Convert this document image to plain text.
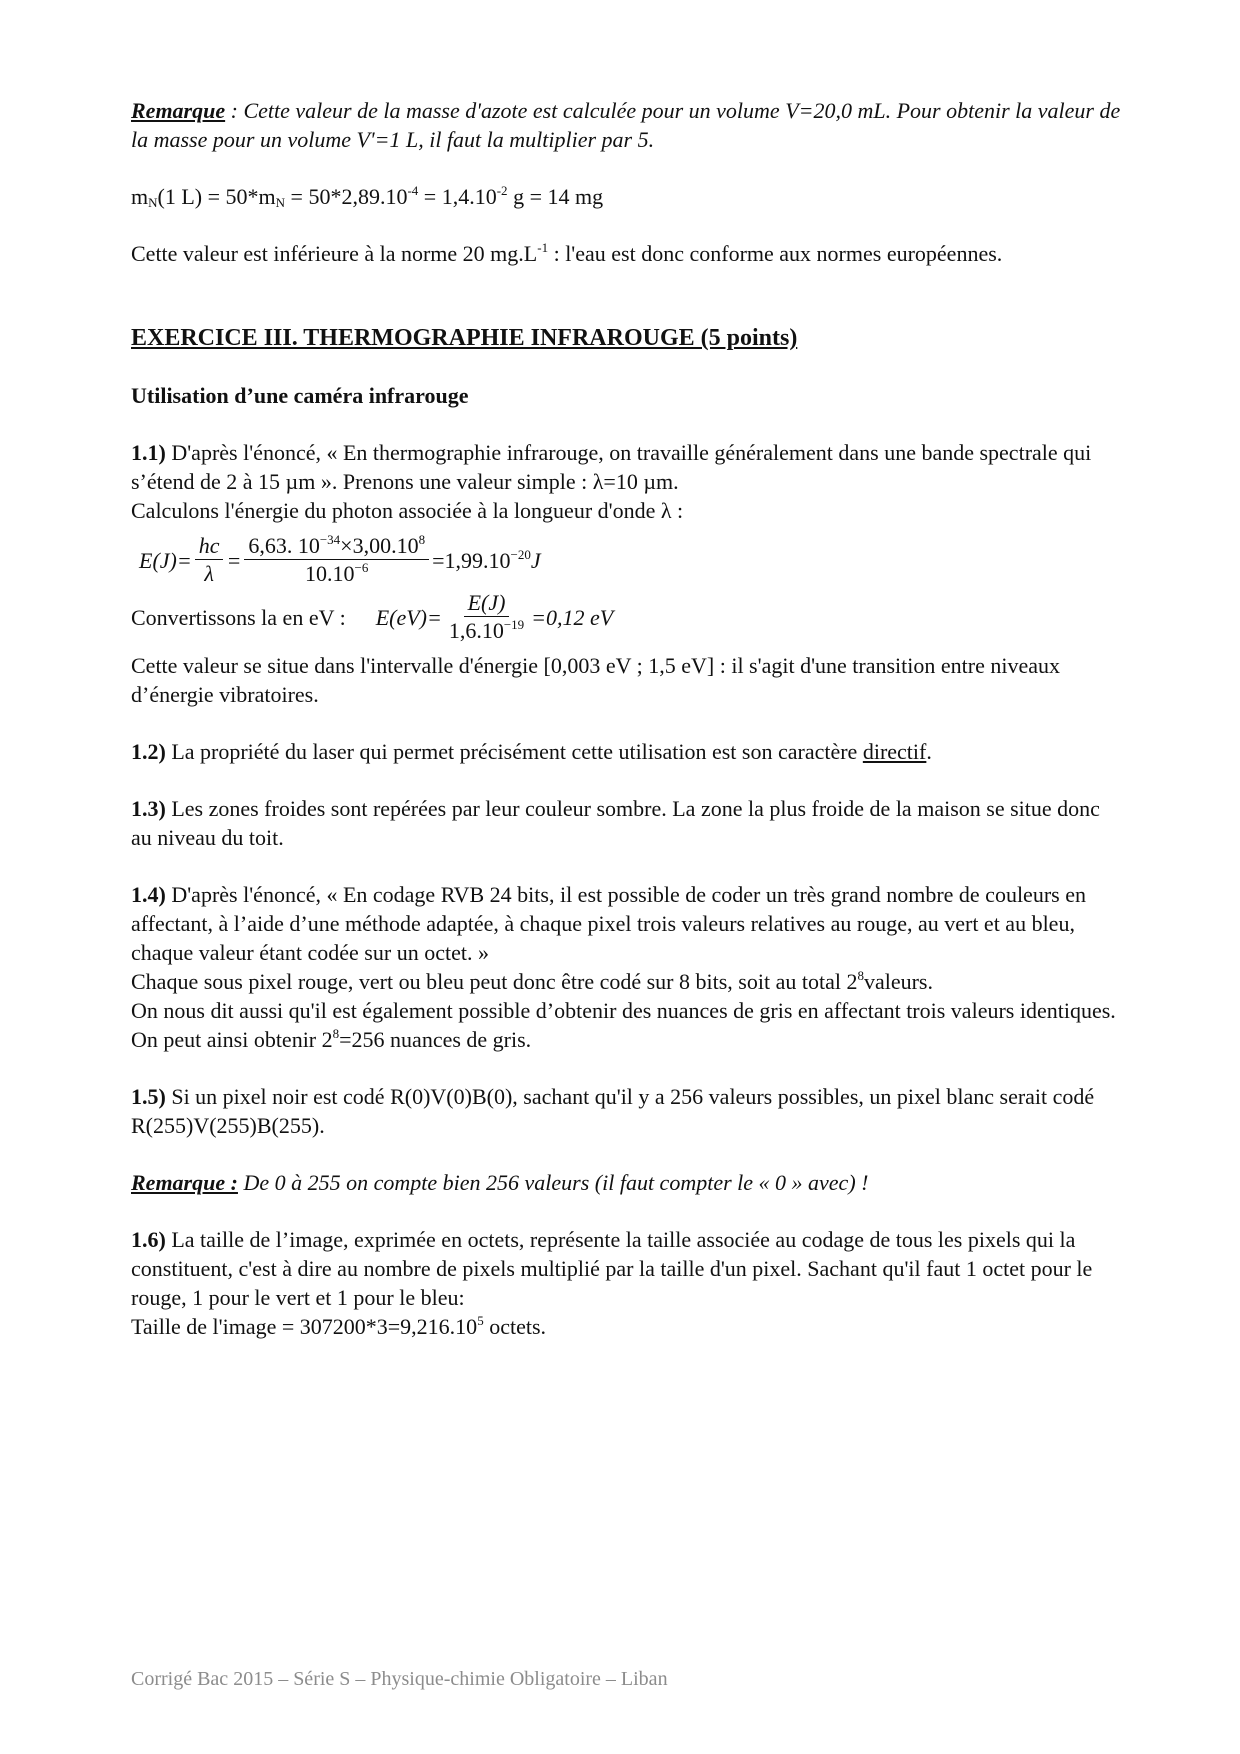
Remarque : Cette valeur de la masse d'azote est calculée pour un volume V=20,0 mL. Pour obtenir la valeur de la masse pour un volume V'=1 L, il faut la multiplier par 5.

$m_N(1$ $L) = 50*m_N = 50*2,89.10^{-4} = 1,4.10^{-2}$ g = 14 mg

Cette valeur est inférieure à la norme 20 $mg.L^{-1}$ : l'eau est donc conforme aux normes européennes.

EXERCICE III. THERMOGRAPHIE INFRAROUGE (5 points)

Utilisation d’une caméra infrarouge

1.1) D'après l'énoncé, « En thermographie infrarouge, on travaille généralement dans une bande spectrale qui s’étend de 2 à 15 µm ». Prenons une valeur simple : λ=10 µm.
Calculons l'énergie du photon associée à la longueur d'onde λ :

$E(J)= \frac{hc}{\lambda} = \frac{6,63. 10^{-34}\times 3,00.10^8}{10.10^{-6}} =1,99.10^{-20}$ J
Convertissons la en eV : $E(eV)= \frac{E(J)}{1,6.10^{-19}} =0,12$ eV

Cette valeur se situe dans l'intervalle d'énergie [0,003 eV ; 1,5 eV] : il s'agit d'une transition entre niveaux d’énergie vibratoires.

1.2) La propriété du laser qui permet précisément cette utilisation est son caractère directif.

1.3) Les zones froides sont repérées par leur couleur sombre. La zone la plus froide de la maison se situe donc au niveau du toit.

1.4) D'après l'énoncé, « En codage RVB 24 bits, il est possible de coder un très grand nombre de couleurs en affectant, à l’aide d’une méthode adaptée, à chaque pixel trois valeurs relatives au rouge, au vert et au bleu, chaque valeur étant codée sur un octet. »
Chaque sous pixel rouge, vert ou bleu peut donc être codé sur 8 bits, soit au total $2^8valeurs$.
On nous dit aussi qu'il est également possible d’obtenir des nuances de gris en affectant trois valeurs identiques. On peut ainsi obtenir $2^8=256$ nuances de gris.

1.5) Si un pixel noir est codé R(0)V(0)B(0), sachant qu'il y a 256 valeurs possibles, un pixel blanc serait codé R(255)V(255)B(255).

Remarque : De 0 à 255 on compte bien 256 valeurs (il faut compter le « 0 » avec) !

1.6) La taille de l’image, exprimée en octets, représente la taille associée au codage de tous les pixels qui la constituent, c'est à dire au nombre de pixels multiplié par la taille d'un pixel. Sachant qu'il faut 1 octet pour le rouge, 1 pour le vert et 1 pour le bleu:
Taille de l'image = $307200*3=9,216.10^5$ octets.

Corrigé Bac 2015 – Série S – Physique-chimie Obligatoire – Liban
